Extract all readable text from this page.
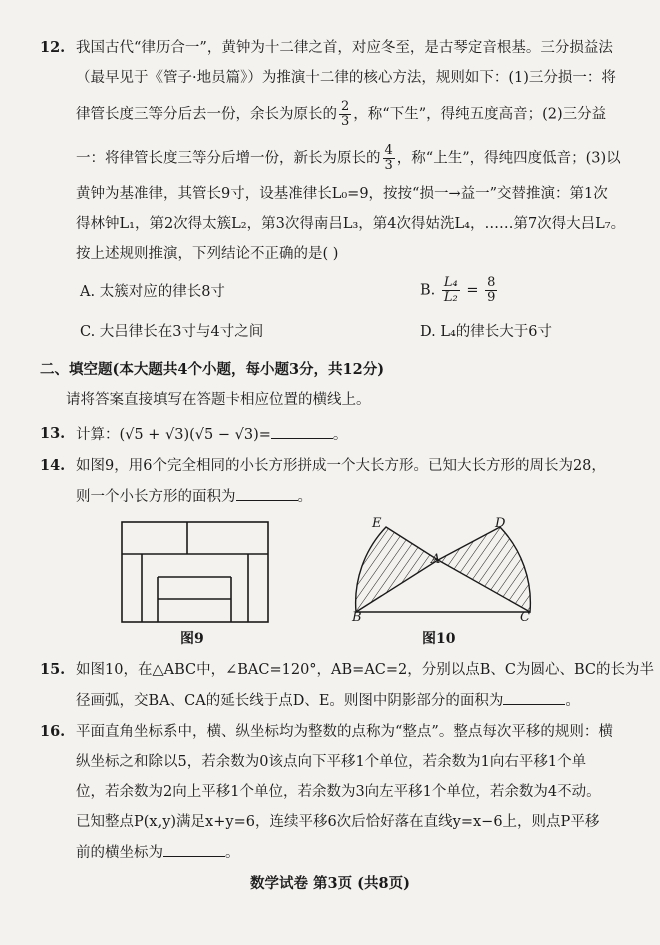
12. 我国古代“律历合一”，黄钟为十二律之首，对应冬至，是古琴定音根基。三分损益法
（最早见于《管子·地员篇》）为推演十二律的核心方法，规则如下：(1)三分损一：将
律管长度三等分后去一份，余长为原长的 $\frac{2}{3}$ ，称“下生”，得纯五度高音；(2)三分益
一：将律管长度三等分后增一份，新长为原长的 $\frac{4}{3}$ ，称“上生”，得纯四度低音；(3)以
黄钟为基准律，其管长9寸，设基准律长L₀=9，按按“损一→益一”交替推演：第1次
得林钟L₁，第2次得太簇L₂，第3次得南吕L₃，第4次得姑洗L₄，……第7次得大吕L₇。
按上述规则推演，下列结论不正确的是( )
A. 太簇对应的律长8寸	B. $\frac{\text{L₄}}{\text{L₂}} = \frac{8}{9}$
C. 大吕律长在3寸与4寸之间	D. L₄的律长大于6寸
二、填空题(本大题共4个小题，每小题3分，共12分)
请将答案直接填写在答题卡相应位置的横线上。
13. 计算：(√5 + √3)(√5 − √3)=	。
14. 如图9，用6个完全相同的小长方形拼成一个大长方形。已知大长方形的周长为28，
则一个小长方形的面积为	。
图9
E	D
A
B	C
图10
15. 如图10，在△ABC中，∠BAC=120°，AB=AC=2，分别以点B、C为圆心、BC的长为半
径画弧，交BA、CA的延长线于点D、E。则图中阴影部分的面积为	。
16. 平面直角坐标系中，横、纵坐标均为整数的点称为“整点”。整点每次平移的规则：横
纵坐标之和除以5，若余数为0该点向下平移1个单位，若余数为1向右平移1个单
位，若余数为2向上平移1个单位，若余数为3向左平移1个单位，若余数为4不动。
已知整点P(x,y)满足x+y=6，连续平移6次后恰好落在直线y=x−6上，则点P平移
前的横坐标为	。
数学试卷 第3页 (共8页)
